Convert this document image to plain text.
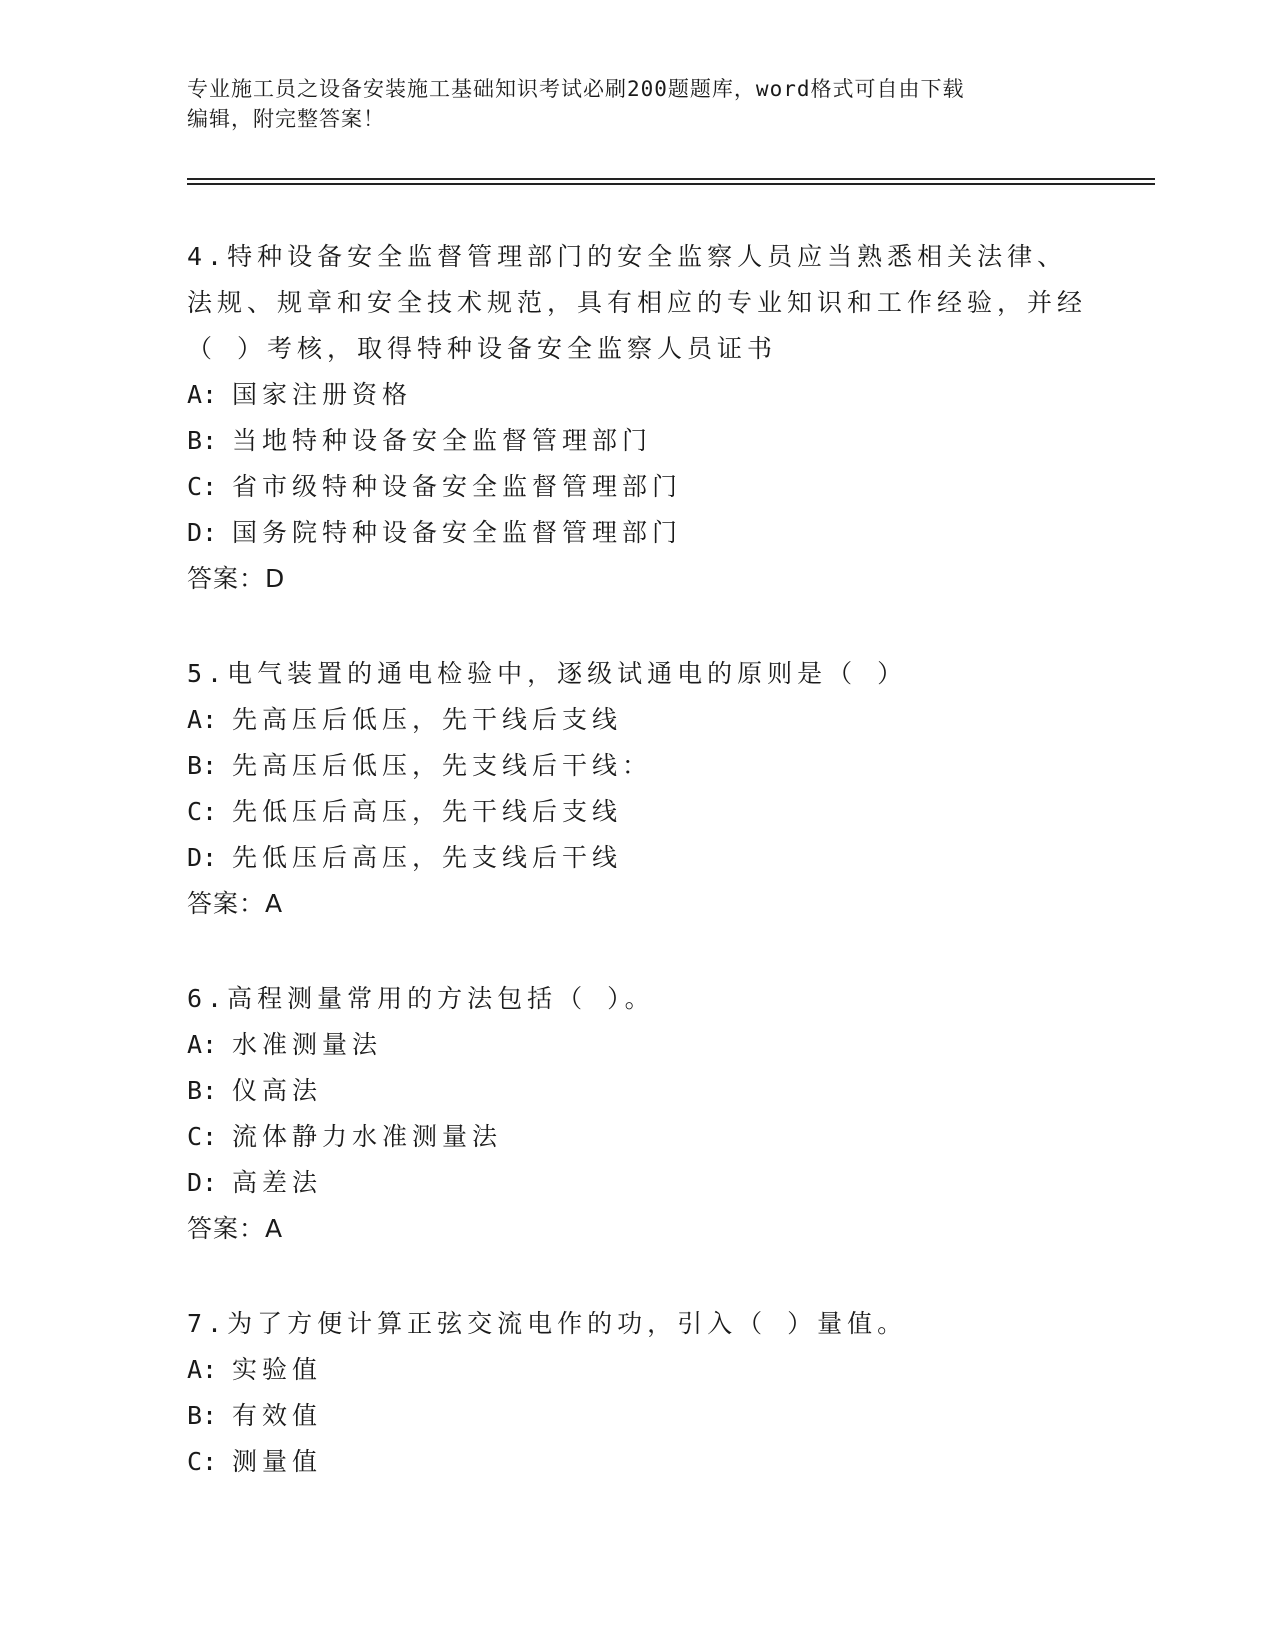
专业施工员之设备安装施工基础知识考试必刷200题题库，word格式可自由下载
编辑，附完整答案！
4.特种设备安全监督管理部门的安全监察人员应当熟悉相关法律、法规、规章和安全技术规范，具有相应的专业知识和工作经验，并经（ ）考核，取得特种设备安全监察人员证书
A: 国家注册资格
B: 当地特种设备安全监督管理部门
C: 省市级特种设备安全监督管理部门
D: 国务院特种设备安全监督管理部门
答案：D
5.电气装置的通电检验中，逐级试通电的原则是（ ）
A: 先高压后低压，先干线后支线
B: 先高压后低压，先支线后干线：
C: 先低压后高压，先干线后支线
D: 先低压后高压，先支线后干线
答案：A
6.高程测量常用的方法包括（ ）。
A: 水准测量法
B: 仪高法
C: 流体静力水准测量法
D: 高差法
答案：A
7.为了方便计算正弦交流电作的功，引入（ ）量值。
A: 实验值
B: 有效值
C: 测量值
